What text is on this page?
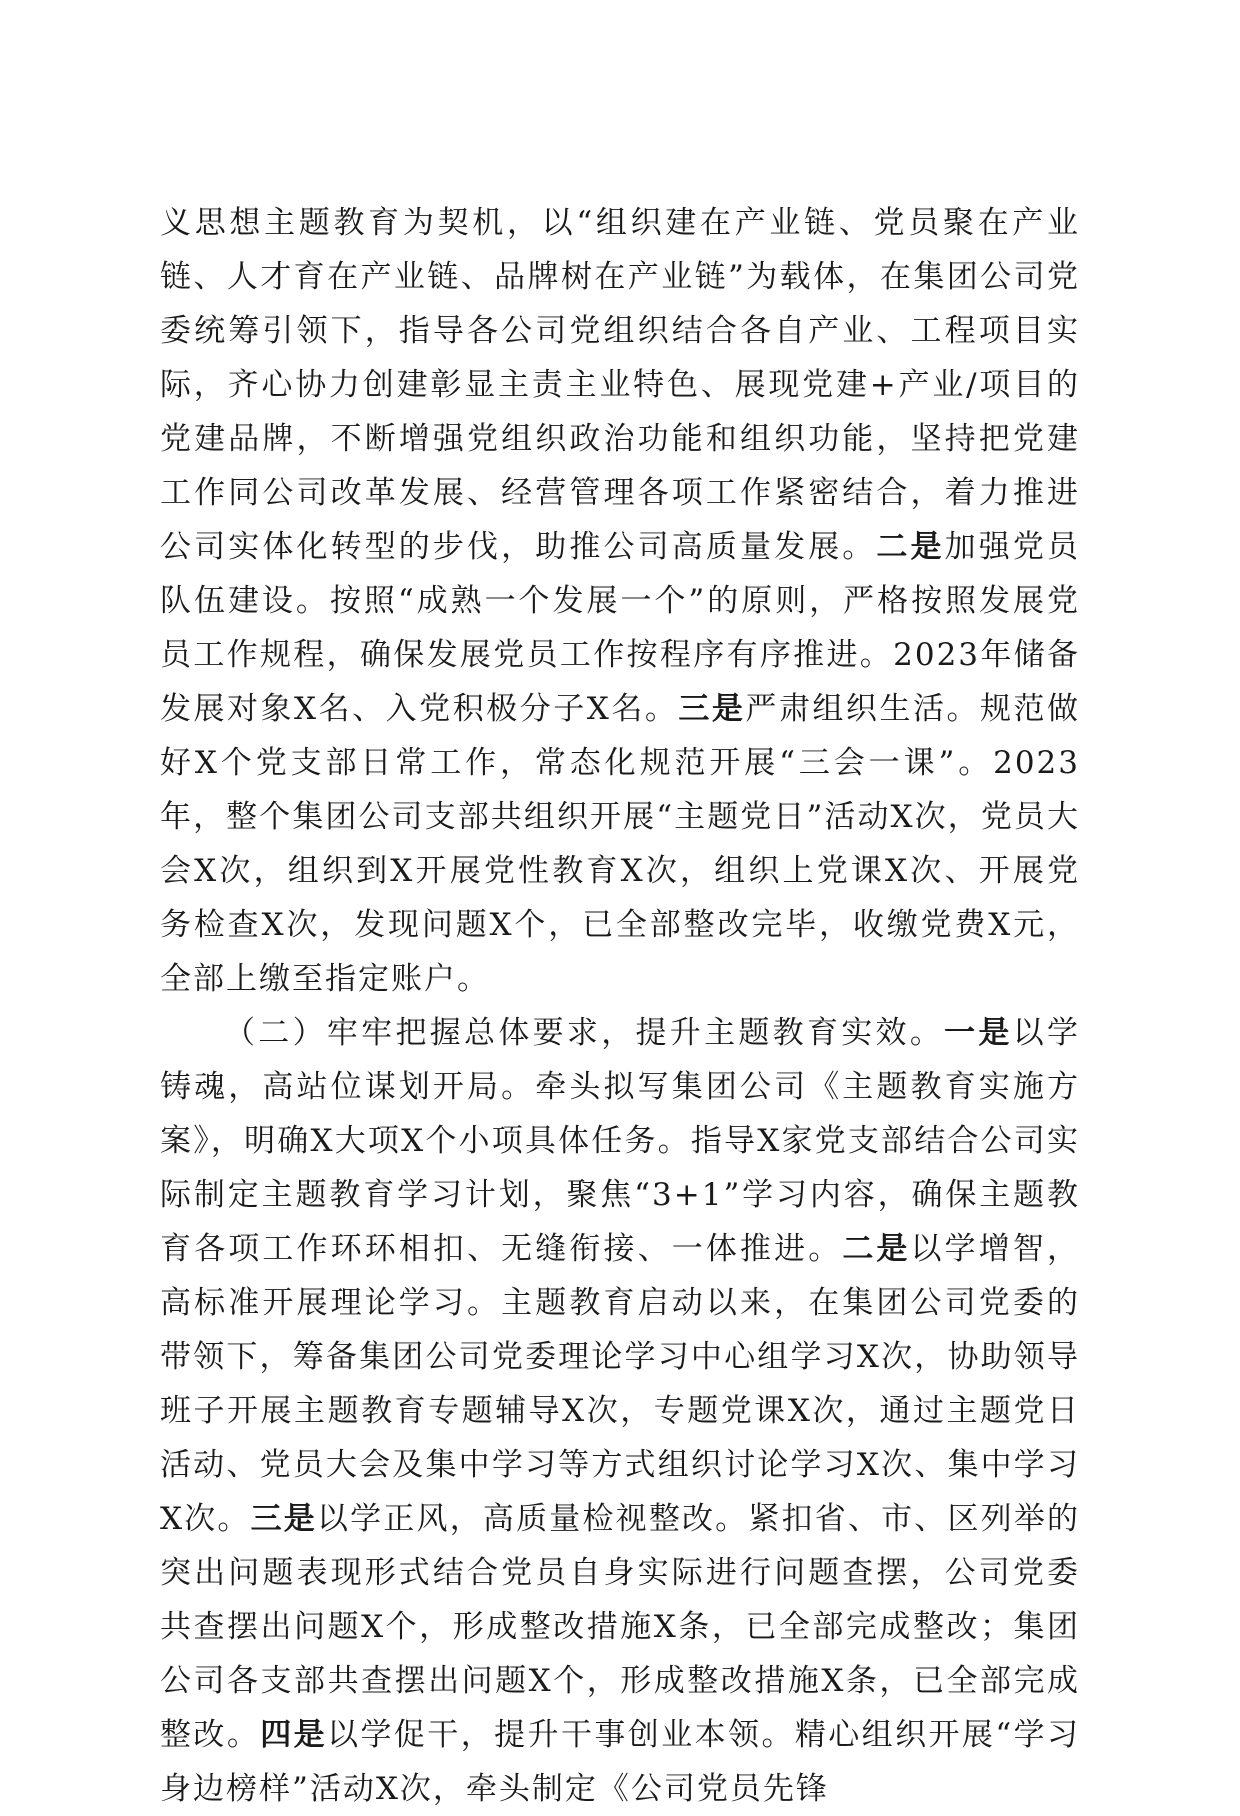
义思想主题教育为契机，以“组织建在产业链、党员聚在产业链、人才育在产业链、品牌树在产业链”为载体，在集团公司党委统筹引领下，指导各公司党组织结合各自产业、工程项目实际，齐心协力创建彰显主责主业特色、展现党建+产业/项目的党建品牌，不断增强党组织政治功能和组织功能，坚持把党建工作同公司改革发展、经营管理各项工作紧密结合，着力推进公司实体化转型的步伐，助推公司高质量发展。二是加强党员队伍建设。按照“成熟一个发展一个”的原则，严格按照发展党员工作规程，确保发展党员工作按程序有序推进。2023年储备发展对象X名、入党积极分子X名。三是严肃组织生活。规范做好X个党支部日常工作，常态化规范开展“三会一课”。2023年，整个集团公司支部共组织开展“主题党日”活动X次，党员大会X次，组织到X开展党性教育X次，组织上党课X次、开展党务检查X次，发现问题X个，已全部整改完毕，收缴党费X元，全部上缴至指定账户。

（二）牢牢把握总体要求，提升主题教育实效。一是以学铸魂，高站位谋划开局。牵头拟写集团公司《主题教育实施方案》，明确X大项X个小项具体任务。指导X家党支部结合公司实际制定主题教育学习计划，聚焦“3+1”学习内容，确保主题教育各项工作环环相扣、无缝衔接、一体推进。二是以学增智，高标准开展理论学习。主题教育启动以来，在集团公司党委的带领下，筹备集团公司党委理论学习中心组学习X次，协助领导班子开展主题教育专题辅导X次，专题党课X次，通过主题党日活动、党员大会及集中学习等方式组织讨论学习X次、集中学习X次。三是以学正风，高质量检视整改。紧扣省、市、区列举的突出问题表现形式结合党员自身实际进行问题查摆，公司党委共查摆出问题X个，形成整改措施X条，已全部完成整改；集团公司各支部共查摆出问题X个，形成整改措施X条，已全部完成整改。四是以学促干，提升干事创业本领。精心组织开展“学习身边榜样”活动X次，牵头制定《公司党员先锋
